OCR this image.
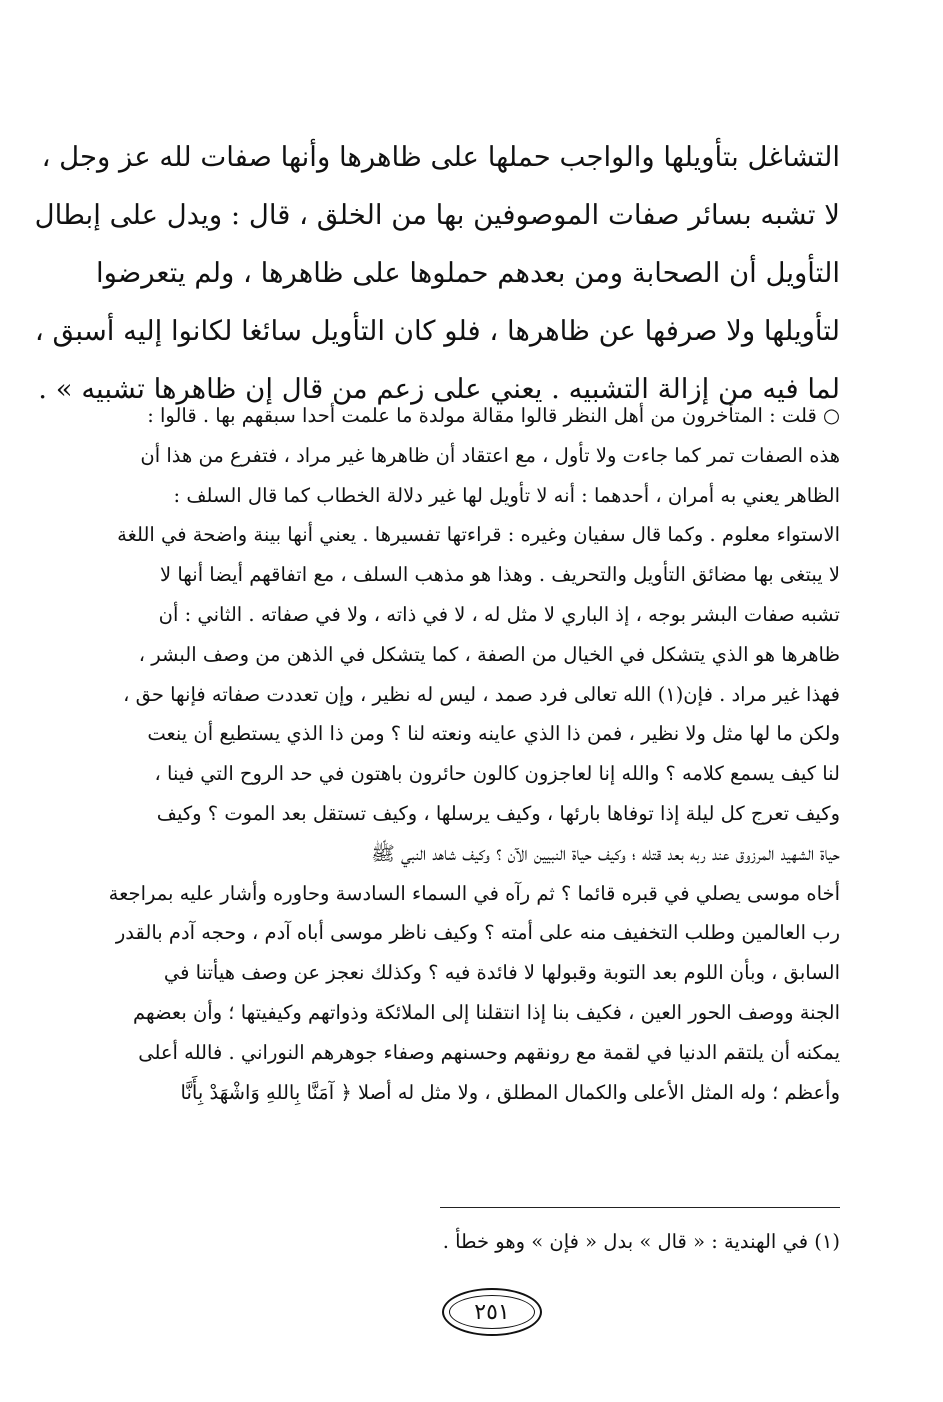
التشاغل بتأويلها والواجب حملها على ظاهرها وأنها صفات لله عز وجل ،
لا تشبه بسائر صفات الموصوفين بها من الخلق ، قال : ويدل على إبطال
التأويل أن الصحابة ومن بعدهم حملوها على ظاهرها ، ولم يتعرضوا
لتأويلها ولا صرفها عن ظاهرها ، فلو كان التأويل سائغا لكانوا إليه أسبق ،
لما فيه من إزالة التشبيه . يعني على زعم من قال إن ظاهرها تشبيه » .
○ قلت : المتأخرون من أهل النظر قالوا مقالة مولدة ما علمت أحدا سبقهم بها . قالوا :
هذه الصفات تمر كما جاءت ولا تأول ، مع اعتقاد أن ظاهرها غير مراد ، فتفرع من هذا أن
الظاهر يعني به أمران ، أحدهما : أنه لا تأويل لها غير دلالة الخطاب كما قال السلف :
الاستواء معلوم . وكما قال سفيان وغيره : قراءتها تفسيرها . يعني أنها بينة واضحة في اللغة
لا يبتغى بها مضائق التأويل والتحريف . وهذا هو مذهب السلف ، مع اتفاقهم أيضا أنها لا
تشبه صفات البشر بوجه ، إذ الباري لا مثل له ، لا في ذاته ، ولا في صفاته . الثاني : أن
ظاهرها هو الذي يتشكل في الخيال من الصفة ، كما يتشكل في الذهن من وصف البشر ،
فهذا غير مراد . فإن(١) الله تعالى فرد صمد ، ليس له نظير ، وإن تعددت صفاته فإنها حق ،
ولكن ما لها مثل ولا نظير ، فمن ذا الذي عاينه ونعته لنا ؟ ومن ذا الذي يستطيع أن ينعت
لنا كيف يسمع كلامه ؟ والله إنا لعاجزون كالون حائرون باهتون في حد الروح التي فينا ،
وكيف تعرج كل ليلة إذا توفاها بارئها ، وكيف يرسلها ، وكيف تستقل بعد الموت ؟ وكيف
حياة الشهيد المرزوق عند ربه بعد قتله ؛ وكيف حياة النبيين الآن ؟ وكيف شاهد النبي ﷺ
أخاه موسى يصلي في قبره قائما ؟ ثم رآه في السماء السادسة وحاوره وأشار عليه بمراجعة
رب العالمين وطلب التخفيف منه على أمته ؟ وكيف ناظر موسى أباه آدم ، وحجه آدم بالقدر
السابق ، وبأن اللوم بعد التوبة وقبولها لا فائدة فيه ؟ وكذلك نعجز عن وصف هيأتنا في
الجنة ووصف الحور العين ، فكيف بنا إذا انتقلنا إلى الملائكة وذواتهم وكيفيتها ؛ وأن بعضهم
يمكنه أن يلتقم الدنيا في لقمة مع رونقهم وحسنهم وصفاء جوهرهم النوراني . فالله أعلى
وأعظم ؛ وله المثل الأعلى والكمال المطلق ، ولا مثل له أصلا ﴿ آمَنَّا بِاللهِ وَاشْهَدْ بِأَنَّا
(١) في الهندية : « قال » بدل « فإن » وهو خطأ .
٢٥١
